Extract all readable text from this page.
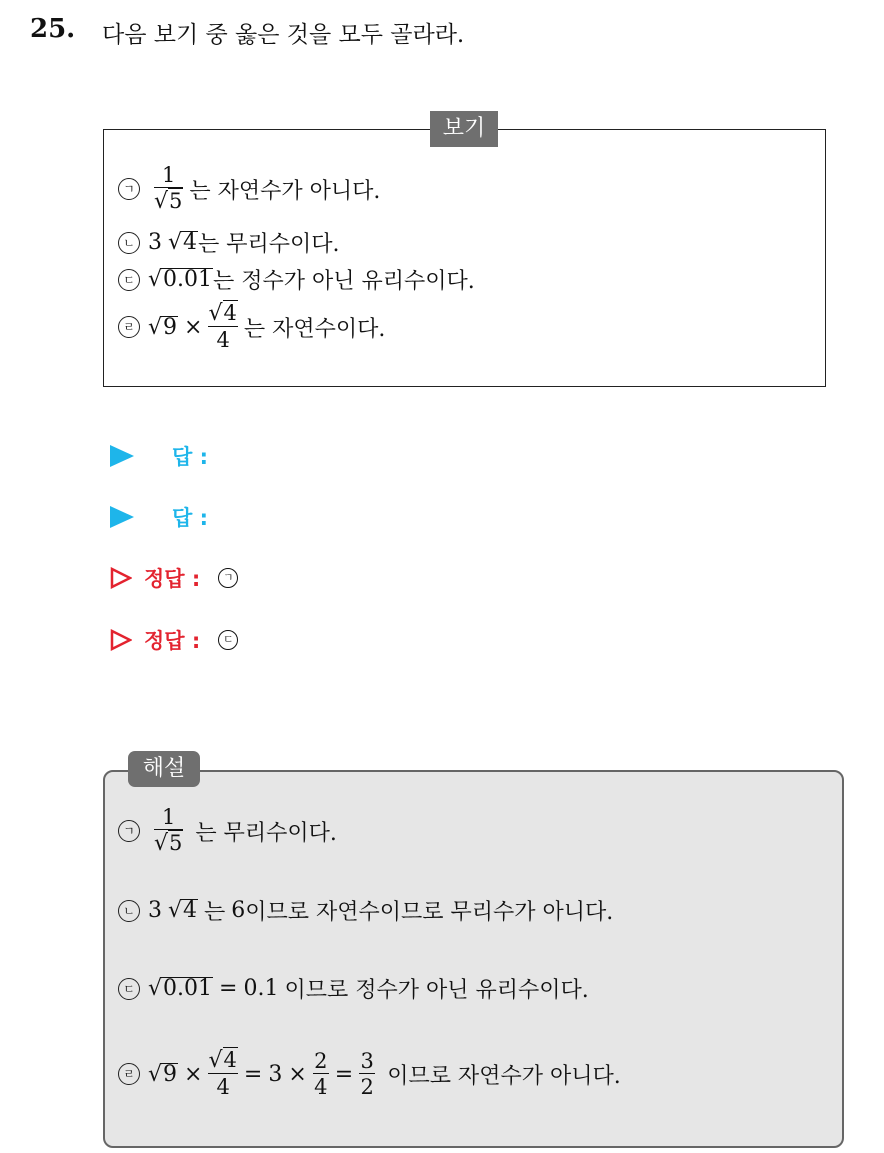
25. 다음 보기 중 옳은 것을 모두 골라라.
보기
ㄱ $\frac{1}{√5}$ 는 자연수가 아니다.
ㄴ 3 √ 4 는 무리수이다.
ㄷ √ 0.01 는 정수가 아닌 유리수이다.
ㄹ √ $9 \times \frac{√4}{4}$ 는 자연수이다.
답 :
답 :
정답 :	ㄱ
정답 :	ㄷ
해설
ㄱ $\frac{1}{√5}$ 는 무리수이다.
ㄴ 3 √ 4 는 6 이므로 자연수이므로 무리수가 아니다.
ㄷ √ 0.01 = 0.1 이므로 정수가 아닌 유리수이다.
ㄹ √ $9 \times \frac{√4}{4} = 3 \times \frac{2}{4} = \frac{3}{2}$ 이므로 자연수가 아니다.
